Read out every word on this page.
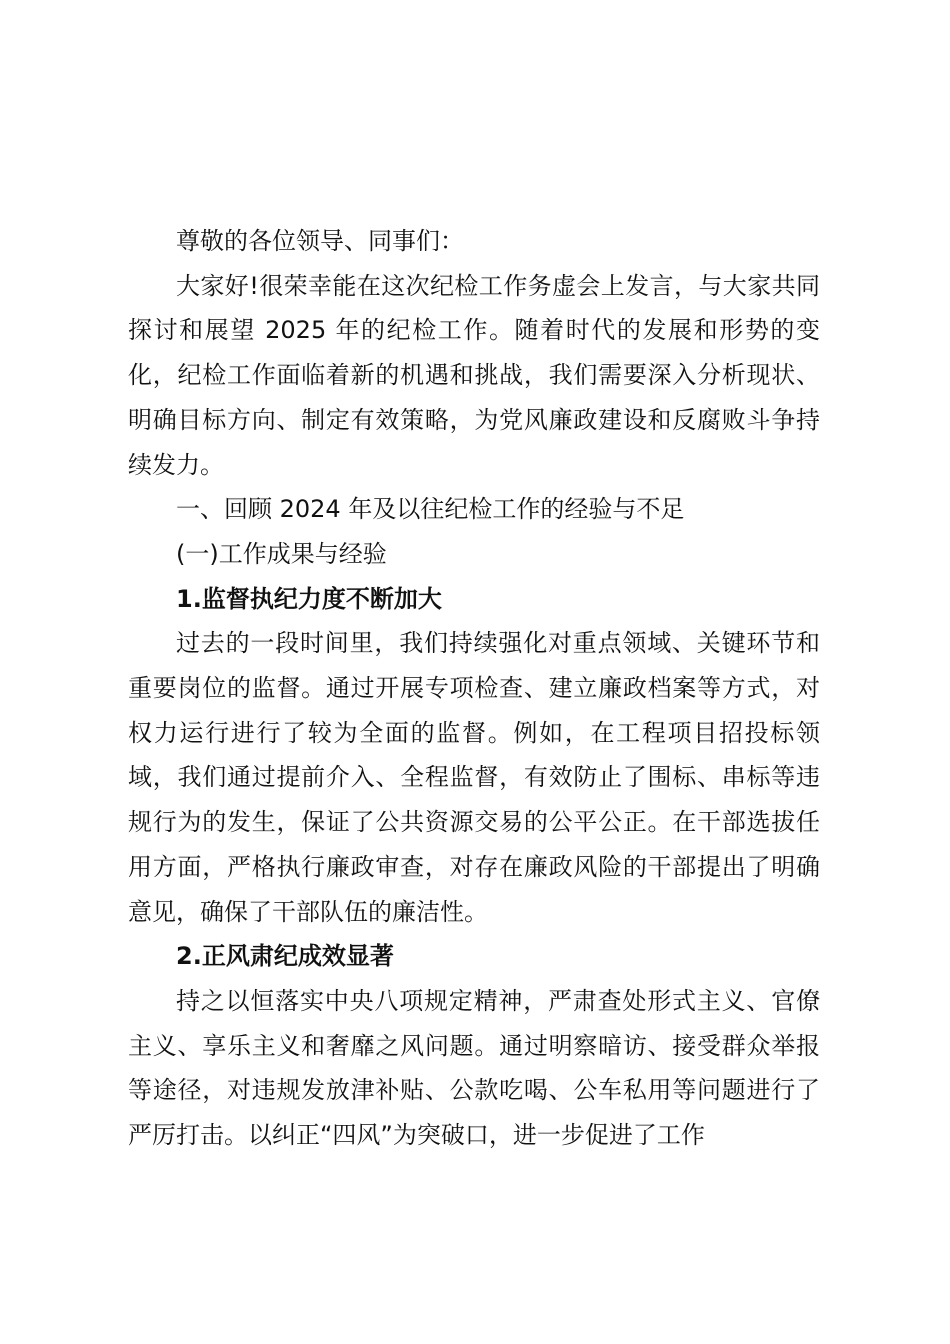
尊敬的各位领导、同事们：

大家好!很荣幸能在这次纪检工作务虚会上发言，与大家共同探讨和展望 2025 年的纪检工作。随着时代的发展和形势的变化，纪检工作面临着新的机遇和挑战，我们需要深入分析现状、明确目标方向、制定有效策略，为党风廉政建设和反腐败斗争持续发力。

一、回顾 2024 年及以往纪检工作的经验与不足

(一)工作成果与经验

1.监督执纪力度不断加大

过去的一段时间里，我们持续强化对重点领域、关键环节和重要岗位的监督。通过开展专项检查、建立廉政档案等方式，对权力运行进行了较为全面的监督。例如，在工程项目招投标领域，我们通过提前介入、全程监督，有效防止了围标、串标等违规行为的发生，保证了公共资源交易的公平公正。在干部选拔任用方面，严格执行廉政审查，对存在廉政风险的干部提出了明确意见，确保了干部队伍的廉洁性。

2.正风肃纪成效显著

持之以恒落实中央八项规定精神，严肃查处形式主义、官僚主义、享乐主义和奢靡之风问题。通过明察暗访、接受群众举报等途径，对违规发放津补贴、公款吃喝、公车私用等问题进行了严厉打击。以纠正“四风”为突破口，进一步促进了工作
